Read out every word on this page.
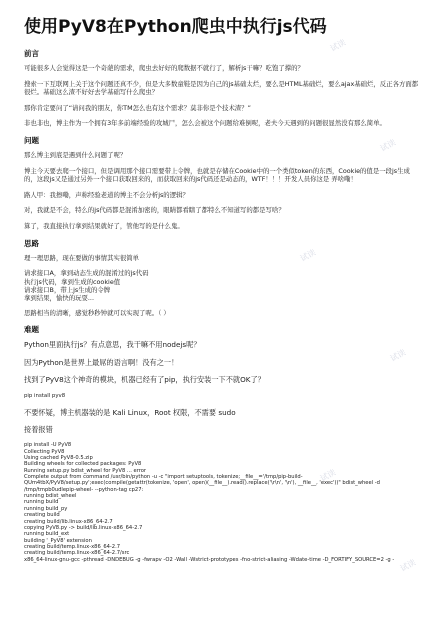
试读
试读
试读
试读
试读
试读
使用PyV8在Python爬虫中执行js代码
前言

可能很多人会觉得这是一个奇葩的需求，爬虫去好好的爬数据不就行了，解析js干嘛？吃饱了撑的？

搜索一下互联网上关于这个问题还真不少，但是大多数童鞋是因为自己的js基础太烂，要么是HTML基础烂，要么ajax基础烂，反正各方面都很烂。基础这么渣不好好去学基础写什么爬虫？

那你肯定要问了“请问我的朋友，你TM怎么也有这个需求？莫非你是个技术渣？”

非也非也，博主作为一个拥有3年多前端经验的攻城尸，怎么会被这个问题给难倒呢，老夫今天遇到的问题很显然没有那么简单。

问题

那么博主到底是遇到什么问题了呢？

博主今天要去爬一个接口，但是调用那个接口需要带上令牌，也就是存储在Cookie中的一个类似token的东西，Cookie的值是一段js生成的，这段js又是通过另外一个接口获取回来的，而获取回来的js代码还是动态的，WTF！！！开发人员你这是 弄啥嘞！

路人甲：我擦嘞，声称经验老道的博主不会分析js的逻辑？

对，我就是不会，特么的js代码都是混淆加密的，眼睛都看瞎了都特么不知道写的都是写啥？

算了，我直接执行拿到结果就好了，管他写的是什么鬼。

思路

理一理思路，现在要做的事情其实很简单

请求接口A，拿到动态生成的混淆过的js代码
执行js代码，拿到生成的cookie值
请求接口B，带上js生成的令牌
拿到结果，愉快的玩耍...

思路相当的清晰，感觉秒秒钟就可以实现了呢。（ ）

难题

Python里面执行js？有点意思，我干嘛不用nodejs呢？

因为Python是世界上最屌的语言啊！没有之一！

找到了PyV8这个神奇的模块，机器已经有了pip，执行安装一下不就OK了？

pip install pyv8

不要怀疑，博主机器装的是 Kali Linux，Root 权限，不需要 sudo

接着报错

pip install -U PyV8
Collecting PyV8
Using cached PyV8-0.5.zip
Building wheels for collected packages: PyV8
Running setup.py bdist_wheel for PyV8 ... error
Complete output from command /usr/bin/python -u -c "import setuptools, tokenize;__file__='/tmp/pip-build-
QUm4tbX/PyV8/setup.py';exec(compile(getattr(tokenize, 'open', open)(__file__).read().replace('\r\n', '\n'), __file__, 'exec'))" bdist_wheel -d
/tmp/tmpb0udlepip-wheel- --python-tag cp27:
running bdist_wheel
running build
running build_py
creating build
creating build/lib.linux-x86_64-2.7
copying PyV8.py -> build/lib.linux-x86_64-2.7
running build_ext
building '_PyV8' extension
creating build/temp.linux-x86_64-2.7
creating build/temp.linux-x86_64-2.7/src
x86_64-linux-gnu-gcc -pthread -DNDEBUG -g -fwrapv -O2 -Wall -Wstrict-prototypes -fno-strict-aliasing -Wdate-time -D_FORTIFY_SOURCE=2 -g -
